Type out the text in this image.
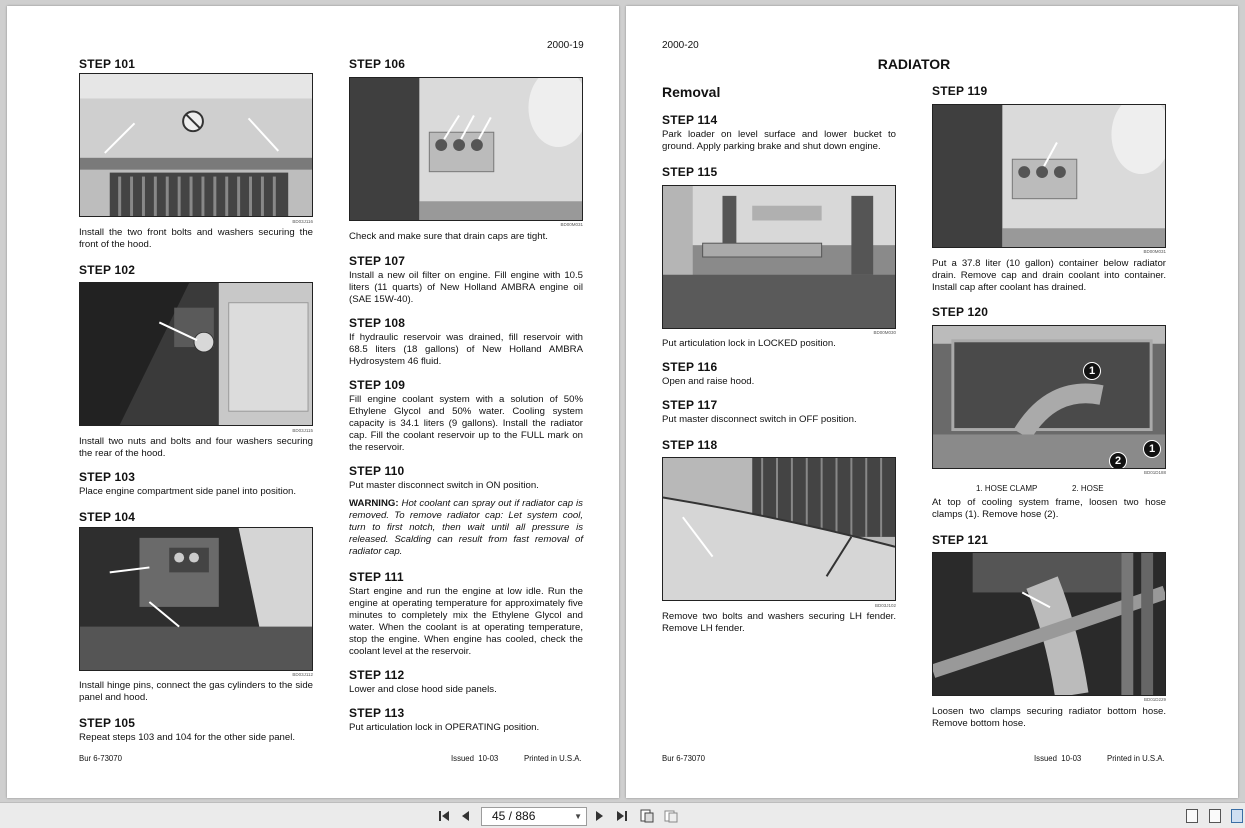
2000-19
STEP 101
BD03J116
Install the two front bolts and washers securing the front of the hood.
STEP 102
BD03J115
Install two nuts and bolts and four washers securing the rear of the hood.
STEP 103
Place engine compartment side panel into position.
STEP 104
BD03J112
Install hinge pins, connect the gas cylinders to the side panel and hood.
STEP 105
Repeat steps 103 and 104 for the other side panel.
STEP 106
BD00M031
Check and make sure that drain caps are tight.
STEP 107
Install a new oil filter on engine. Fill engine with 10.5 liters (11 quarts) of New Holland AMBRA engine oil (SAE 15W-40).
STEP 108
If hydraulic reservoir was drained, fill reservoir with 68.5 liters (18 gallons) of New Holland AMBRA Hydrosystem 46 fluid.
STEP 109
Fill engine coolant system with a solution of 50% Ethylene Glycol and 50% water. Cooling system capacity is 34.1 liters (9 gallons). Install the radiator cap. Fill the coolant reservoir up to the FULL mark on the reservoir.
STEP 110
Put master disconnect switch in ON position.
WARNING: Hot coolant can spray out if radiator cap is removed. To remove radiator cap: Let system cool, turn to first notch, then wait until all pressure is released. Scalding can result from fast removal of radiator cap.
STEP 111
Start engine and run the engine at low idle. Run the engine at operating temperature for approximately five minutes to completely mix the Ethylene Glycol and water. When the coolant is at operating temperature, stop the engine. When engine has cooled, check the coolant level at the reservoir.
STEP 112
Lower and close hood side panels.
STEP 113
Put articulation lock in OPERATING position.
Bur 6-73070	Issued  10-03	Printed in U.S.A.
2000-20
RADIATOR
Removal
STEP 114
Park loader on level surface and lower bucket to ground. Apply parking brake and shut down engine.
STEP 115
BD00M030
Put articulation lock in LOCKED position.
STEP 116
Open and raise hood.
STEP 117
Put master disconnect switch in OFF position.
STEP 118
BD03J102
Remove two bolts and washers securing LH fender. Remove LH fender.
STEP 119
BD00M031
Put a 37.8 liter (10 gallon) container below radiator drain. Remove cap and drain coolant into container. Install cap after coolant has drained.
STEP 120
1
2
1
BD01D188
1. HOSE CLAMP	2. HOSE
At top of cooling system frame, loosen two hose clamps (1). Remove hose (2).
STEP 121
BD01D229
Loosen two clamps securing radiator bottom hose. Remove bottom hose.
Bur 6-73070	Issued  10-03	Printed in U.S.A.
45 / 886	▼
